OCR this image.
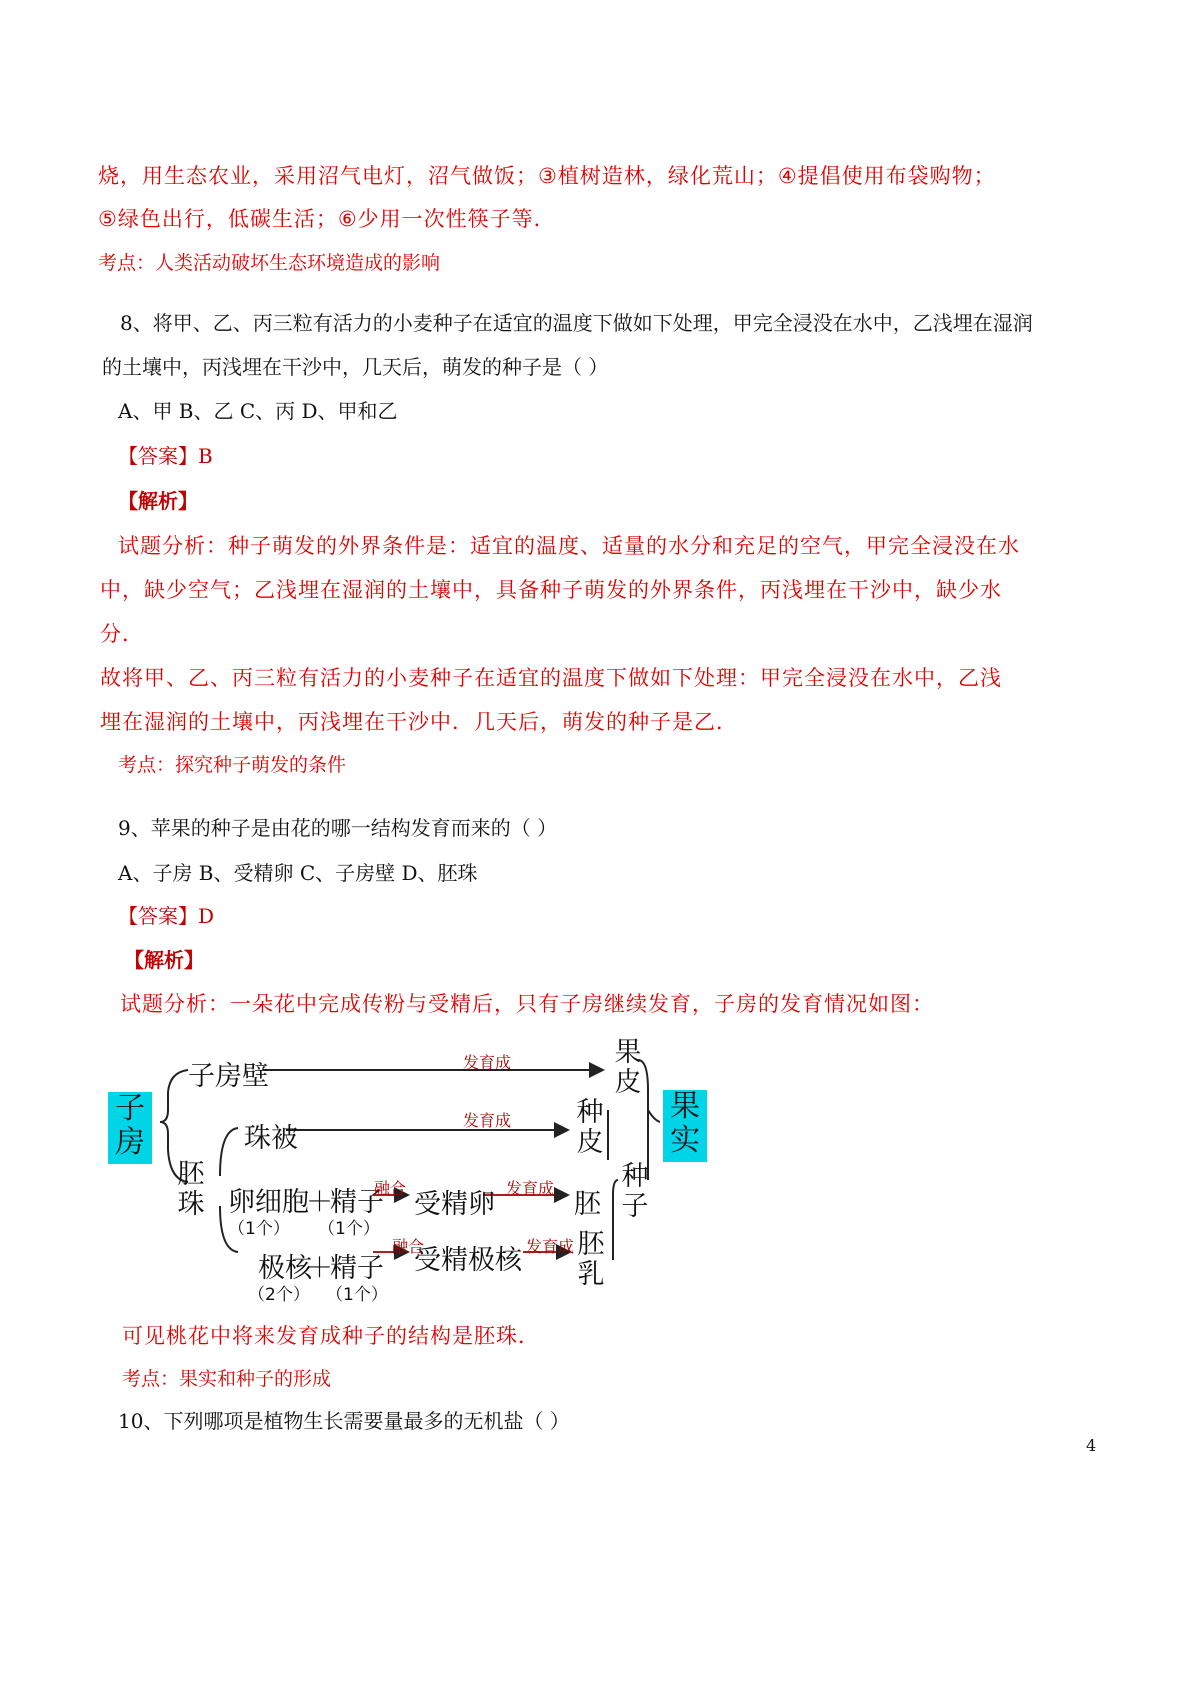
烧，用生态农业，采用沼气电灯，沼气做饭；③植树造林，绿化荒山；④提倡使用布袋购物；
⑤绿色出行，低碳生活；⑥少用一次性筷子等．
考点：人类活动破坏生态环境造成的影响
8、将甲、乙、丙三粒有活力的小麦种子在适宜的温度下做如下处理，甲完全浸没在水中，乙浅埋在湿润
的土壤中，丙浅埋在干沙中，几天后，萌发的种子是（ ）
A、甲 B、乙 C、丙 D、甲和乙
【答案】B
【解析】
试题分析：种子萌发的外界条件是：适宜的温度、适量的水分和充足的空气，甲完全浸没在水
中，缺少空气；乙浅埋在湿润的土壤中，具备种子萌发的外界条件，丙浅埋在干沙中，缺少水
分．
故将甲、乙、丙三粒有活力的小麦种子在适宜的温度下做如下处理：甲完全浸没在水中，乙浅
埋在湿润的土壤中，丙浅埋在干沙中．几天后，萌发的种子是乙．
考点：探究种子萌发的条件
9、苹果的种子是由花的哪一结构发育而来的（ ）
A、子房 B、受精卵 C、子房壁 D、胚珠
【答案】D
【解析】
试题分析：一朵花中完成传粉与受精后，只有子房继续发育，子房的发育情况如图：
子房
果实
子房壁	发育成	果皮
珠被
发育成 种皮
胚珠
种子
卵细胞
＋
精子
融合
受精卵
发育成
胚
（1个） （1个）
极核
＋
精子
融合
受精极核 发育成 胚乳
（2个） （1个）
可见桃花中将来发育成种子的结构是胚珠．
考点：果实和种子的形成
10、下列哪项是植物生长需要量最多的无机盐（ ）
4
